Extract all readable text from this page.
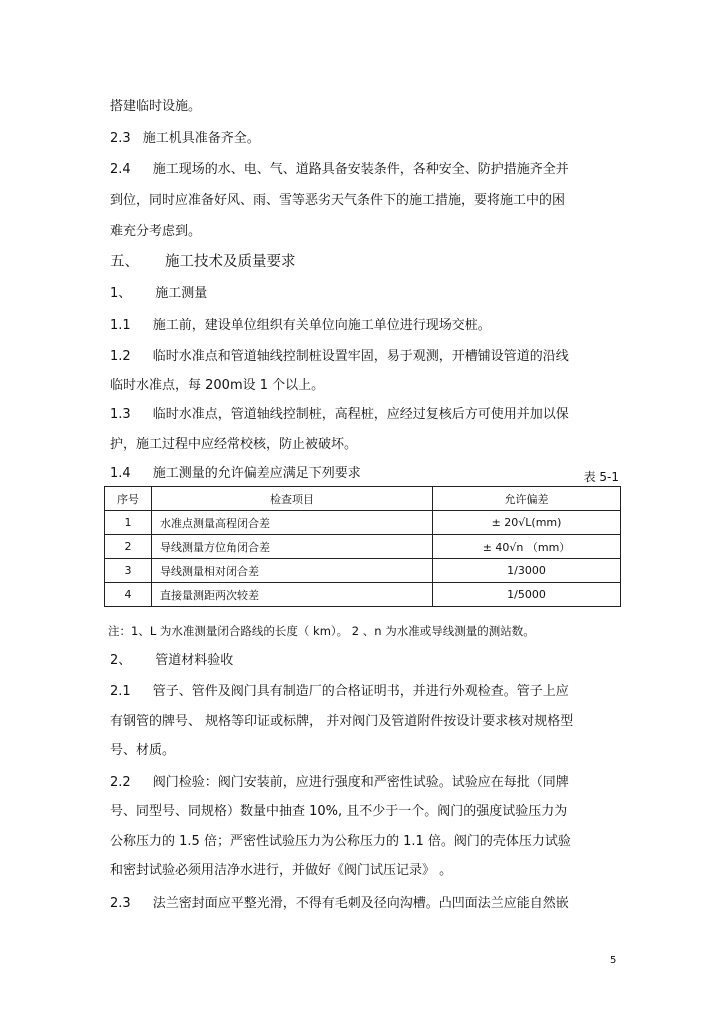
搭建临时设施。
2.3 施工机具准备齐全。
2.4 施工现场的水、电、气、道路具备安装条件，各种安全、防护措施齐全并
到位，同时应准备好风、雨、雪等恶劣天气条件下的施工措施，要将施工中的困
难充分考虑到。
五、 施工技术及质量要求
1、 施工测量
1.1 施工前，建设单位组织有关单位向施工单位进行现场交桩。
1.2 临时水准点和管道轴线控制桩设置牢固，易于观测，开槽铺设管道的沿线
临时水准点，每 200m设 1 个以上。
1.3 临时水准点，管道轴线控制桩，高程桩，应经过复核后方可使用并加以保
护，施工过程中应经常校核，防止被破坏。
1.4 施工测量的允许偏差应满足下列要求	表 5-1
序号	检查项目	允许偏差
1	水准点测量高程闭合差	± 20√L(mm)
2	导线测量方位角闭合差	± 40√n （mm）
3	导线测量相对闭合差	1/3000
4	直接量测距两次较差	1/5000
注：1、L 为水准测量闭合路线的长度（ km）。 2 、n 为水准或导线测量的测站数。
2、 管道材料验收
2.1 管子、管件及阀门具有制造厂的合格证明书，并进行外观检查。管子上应
有钢管的牌号、 规格等印证或标牌， 并对阀门及管道附件按设计要求核对规格型
号、材质。
2.2 阀门检验：阀门安装前，应进行强度和严密性试验。试验应在每批（同牌
号、同型号、同规格）数量中抽查 10%, 且不少于一个。阀门的强度试验压力为
公称压力的 1.5 倍；严密性试验压力为公称压力的 1.1 倍。阀门的壳体压力试验
和密封试验必须用洁净水进行，并做好《阀门试压记录》 。
2.3 法兰密封面应平整光滑，不得有毛刺及径向沟槽。凸凹面法兰应能自然嵌
5
